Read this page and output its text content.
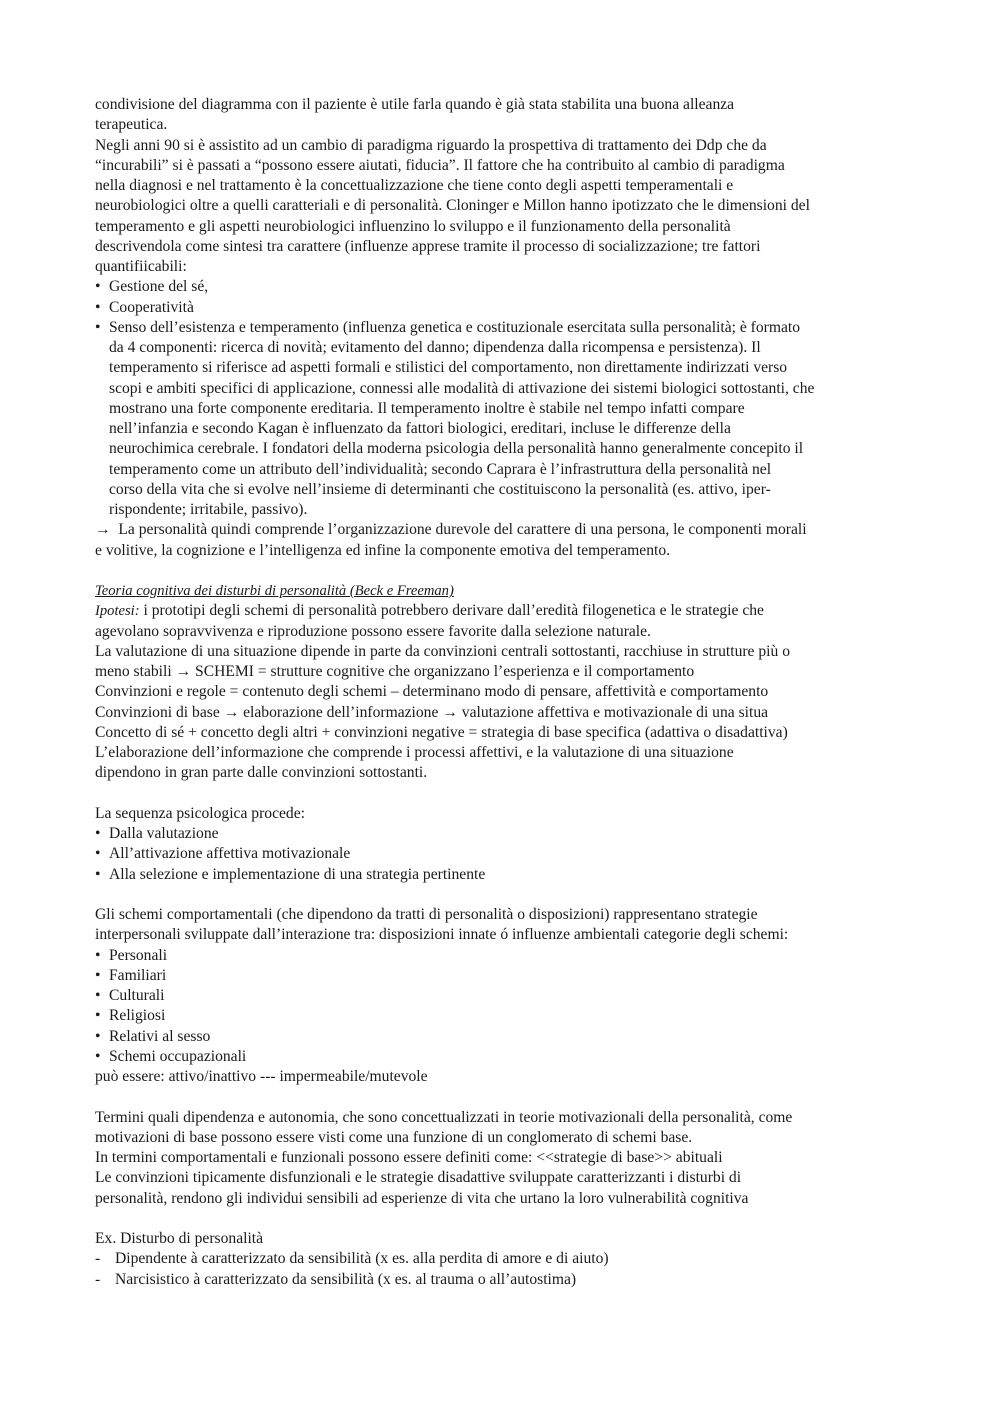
condivisione del diagramma con il paziente è utile farla quando è già stata stabilita una buona alleanza
terapeutica.
Negli anni 90 si è assistito ad un cambio di paradigma riguardo la prospettiva di trattamento dei Ddp che da
“incurabili” si è passati a “possono essere aiutati, fiducia”. Il fattore che ha contribuito al cambio di paradigma
nella diagnosi e nel trattamento è la concettualizzazione che tiene conto degli aspetti temperamentali e
neurobiologici oltre a quelli caratteriali e di personalità. Cloninger e Millon hanno ipotizzato che le dimensioni del
temperamento e gli aspetti neurobiologici influenzino lo sviluppo e il funzionamento della personalità
descrivendola come sintesi tra carattere (influenze apprese tramite il processo di socializzazione; tre fattori
quantifiicabili:
• Gestione del sé,
• Cooperatività
• Senso dell’esistenza e temperamento (influenza genetica e costituzionale esercitata sulla personalità; è formato
da 4 componenti: ricerca di novità; evitamento del danno; dipendenza dalla ricompensa e persistenza). Il
temperamento si riferisce ad aspetti formali e stilistici del comportamento, non direttamente indirizzati verso
scopi e ambiti specifici di applicazione, connessi alle modalità di attivazione dei sistemi biologici sottostanti, che
mostrano una forte componente ereditaria. Il temperamento inoltre è stabile nel tempo infatti compare
nell’infanzia e secondo Kagan è influenzato da fattori biologici, ereditari, incluse le differenze della
neurochimica cerebrale. I fondatori della moderna psicologia della personalità hanno generalmente concepito il
temperamento come un attributo dell’individualità; secondo Caprara è l’infrastruttura della personalità nel
corso della vita che si evolve nell’insieme di determinanti che costituiscono la personalità (es. attivo, iper-
rispondente; irritabile, passivo).
→ La personalità quindi comprende l’organizzazione durevole del carattere di una persona, le componenti morali
e volitive, la cognizione e l’intelligenza ed infine la componente emotiva del temperamento.
Teoria cognitiva dei disturbi di personalità (Beck e Freeman)
Ipotesi: i prototipi degli schemi di personalità potrebbero derivare dall’eredità filogenetica e le strategie che
agevolano sopravvivenza e riproduzione possono essere favorite dalla selezione naturale.
La valutazione di una situazione dipende in parte da convinzioni centrali sottostanti, racchiuse in strutture più o
meno stabili → SCHEMI = strutture cognitive che organizzano l’esperienza e il comportamento
Convinzioni e regole = contenuto degli schemi – determinano modo di pensare, affettività e comportamento
Convinzioni di base → elaborazione dell’informazione → valutazione affettiva e motivazionale di una situa
Concetto di sé + concetto degli altri + convinzioni negative = strategia di base specifica (adattiva o disadattiva)
L’elaborazione dell’informazione che comprende i processi affettivi, e la valutazione di una situazione
dipendono in gran parte dalle convinzioni sottostanti.
La sequenza psicologica procede:
• Dalla valutazione
• All’attivazione affettiva motivazionale
• Alla selezione e implementazione di una strategia pertinente
Gli schemi comportamentali (che dipendono da tratti di personalità o disposizioni) rappresentano strategie
interpersonali sviluppate dall’interazione tra: disposizioni innate ó influenze ambientali categorie degli schemi:
• Personali
• Familiari
• Culturali
• Religiosi
• Relativi al sesso
• Schemi occupazionali
può essere: attivo/inattivo --- impermeabile/mutevole
Termini quali dipendenza e autonomia, che sono concettualizzati in teorie motivazionali della personalità, come
motivazioni di base possono essere visti come una funzione di un conglomerato di schemi base.
In termini comportamentali e funzionali possono essere definiti come: <<strategie di base>> abituali
Le convinzioni tipicamente disfunzionali e le strategie disadattive sviluppate caratterizzanti i disturbi di
personalità, rendono gli individui sensibili ad esperienze di vita che urtano la loro vulnerabilità cognitiva
Ex. Disturbo di personalità
- Dipendente à caratterizzato da sensibilità (x es. alla perdita di amore e di aiuto)
- Narcisistico à caratterizzato da sensibilità (x es. al trauma o all’autostima)
